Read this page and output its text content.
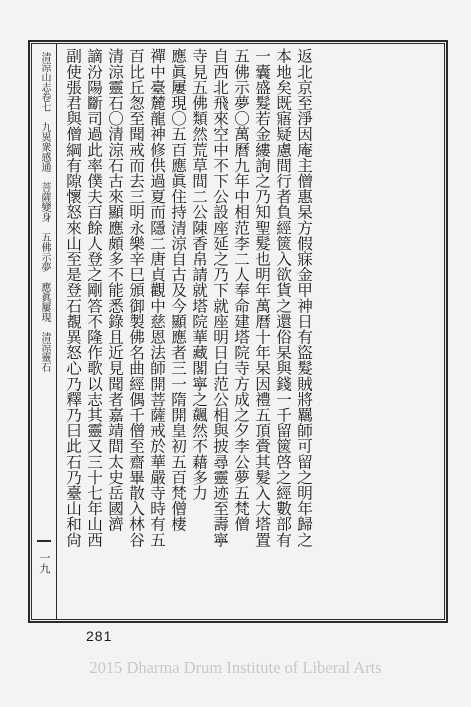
清涼山志卷七　九異衆感通　菩薩變身　五佛示夢　應眞屢現　清涼靈石
一九
返北京至淨因庵主僧惠杲方假寐金甲神日有盜髮賊將羈師可留之明年歸之
本地矣既寤疑慮間行者負經篋入欲貨之還俗杲與錢一千留篋啓之經數部有
一囊盛髮若金縷詢之乃知聖髮也明年萬曆十年杲因禮五頂賫其髮入大塔置
五佛示夢〇萬曆九年中相范李二人奉命建塔院寺方成之夕李公夢五梵僧
自西北飛來空中不下公設座延之乃下就座明日白范公相與披尋靈迹至壽寧
寺見五佛類然荒草間二公陳香帛請就塔院華藏閣寧之飆然不藉多力
應眞屢現〇五百應眞住持清涼自古及今顯應者三一隋開皇初五百梵僧棲
禪中臺麓龍神修供過夏而隱二唐貞觀中慈恩法師開菩薩戒於華嚴寺時有五
百比丘怱至聞戒而去三明永樂辛巳頒御製佛名曲經偶千僧至齋畢散入林谷
清涼靈石〇清涼石古來顯應頗多不能悉錄且近見聞者嘉靖間太史岳國濟
謫汾陽斷司過此率僕夫百餘人登之剛答不隆作歌以志其靈又三十七年山西
副使張君與僧綱有隙懷怒來山至是登石覩異怒心乃釋乃曰此石乃臺山和尙
281
2015 Dharma Drum Institute of Liberal Arts
